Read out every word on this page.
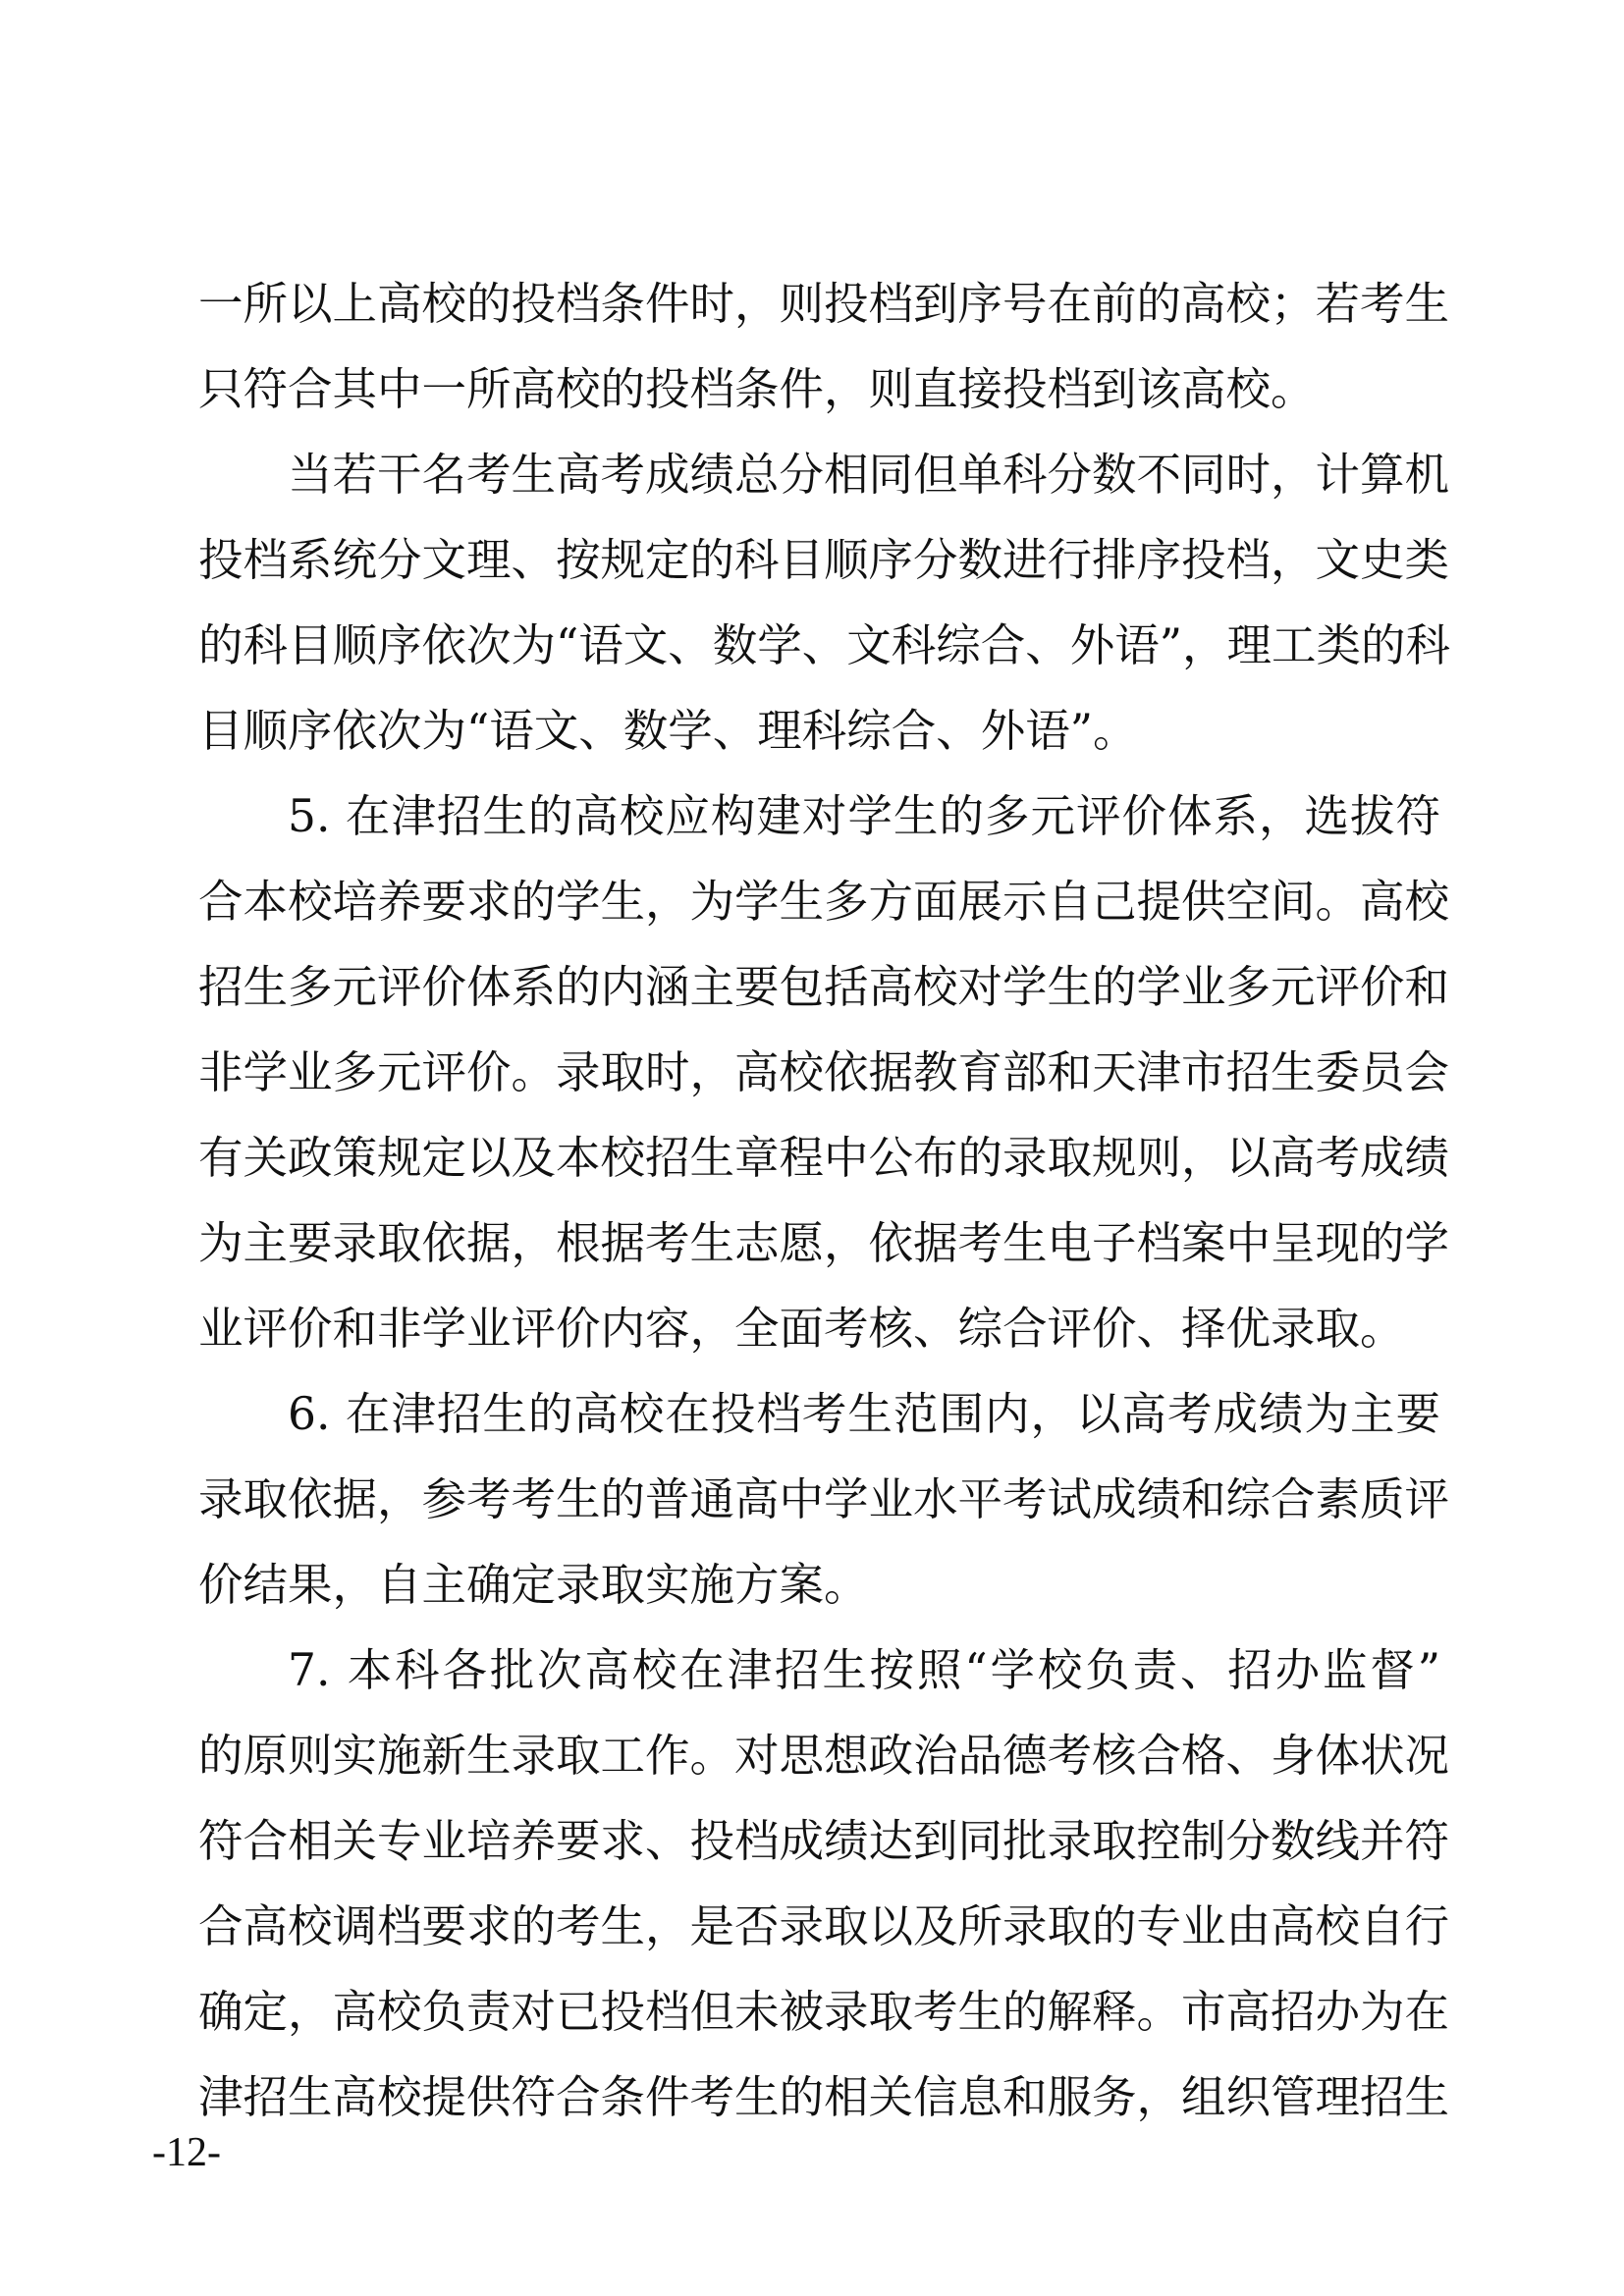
一所以上高校的投档条件时，则投档到序号在前的高校；若考生
只符合其中一所高校的投档条件，则直接投档到该高校。
当若干名考生高考成绩总分相同但单科分数不同时，计算机
投档系统分文理、按规定的科目顺序分数进行排序投档，文史类
的科目顺序依次为“语文、数学、文科综合、外语”，理工类的科
目顺序依次为“语文、数学、理科综合、外语”。
5. 在津招生的高校应构建对学生的多元评价体系，选拔符
合本校培养要求的学生，为学生多方面展示自己提供空间。高校
招生多元评价体系的内涵主要包括高校对学生的学业多元评价和
非学业多元评价。录取时，高校依据教育部和天津市招生委员会
有关政策规定以及本校招生章程中公布的录取规则，以高考成绩
为主要录取依据，根据考生志愿，依据考生电子档案中呈现的学
业评价和非学业评价内容，全面考核、综合评价、择优录取。
6. 在津招生的高校在投档考生范围内，以高考成绩为主要
录取依据，参考考生的普通高中学业水平考试成绩和综合素质评
价结果，自主确定录取实施方案。
7. 本科各批次高校在津招生按照“学校负责、招办监督”
的原则实施新生录取工作。对思想政治品德考核合格、身体状况
符合相关专业培养要求、投档成绩达到同批录取控制分数线并符
合高校调档要求的考生，是否录取以及所录取的专业由高校自行
确定，高校负责对已投档但未被录取考生的解释。市高招办为在
津招生高校提供符合条件考生的相关信息和服务，组织管理招生
-12-
